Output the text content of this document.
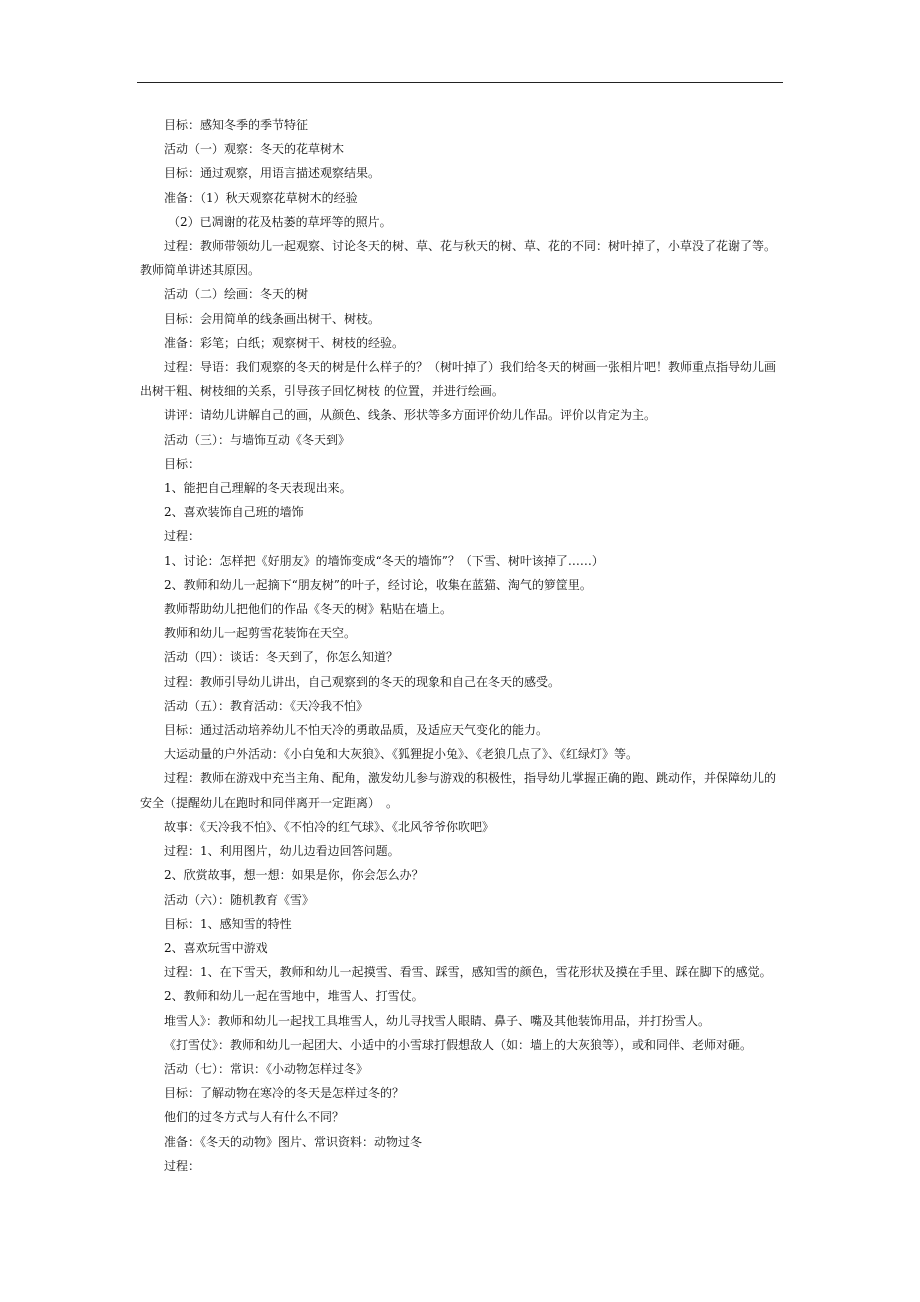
目标：感知冬季的季节特征

活动（一）观察：冬天的花草树木

目标：通过观察，用语言描述观察结果。

准备：（1）秋天观察花草树木的经验

（2）已凋谢的花及枯萎的草坪等的照片。

过程：教师带领幼儿一起观察、讨论冬天的树、草、花与秋天的树、草、花的不同：树叶掉了，小草没了花谢了等。教师简单讲述其原因。

活动（二）绘画：冬天的树

目标：会用简单的线条画出树干、树枝。

准备：彩笔；白纸；观察树干、树枝的经验。

过程：导语：我们观察的冬天的树是什么样子的？（树叶掉了）我们给冬天的树画一张相片吧！教师重点指导幼儿画出树干粗、树枝细的关系，引导孩子回忆树枝 的位置，并进行绘画。

讲评：请幼儿讲解自己的画，从颜色、线条、形状等多方面评价幼儿作品。评价以肯定为主。

活动（三）：与墙饰互动《冬天到》

目标：

1、能把自己理解的冬天表现出来。

2、喜欢装饰自己班的墙饰

过程：

1、讨论：怎样把《好朋友》的墙饰变成“冬天的墙饰”？（下雪、树叶该掉了……）

2、教师和幼儿一起摘下“朋友树”的叶子，经讨论，收集在蓝猫、淘气的箩筐里。

教师帮助幼儿把他们的作品《冬天的树》粘贴在墙上。

教师和幼儿一起剪雪花装饰在天空。

活动（四）：谈话：冬天到了，你怎么知道？

过程：教师引导幼儿讲出，自己观察到的冬天的现象和自己在冬天的感受。

活动（五）：教育活动：《天冷我不怕》

目标：通过活动培养幼儿不怕天冷的勇敢品质，及适应天气变化的能力。

大运动量的户外活动：《小白兔和大灰狼》、《狐狸捉小兔》、《老狼几点了》、《红绿灯》等。

过程：教师在游戏中充当主角、配角，激发幼儿参与游戏的积极性，指导幼儿掌握正确的跑、跳动作，并保障幼儿的安全（提醒幼儿在跑时和同伴离开一定距离）　。

故事：《天冷我不怕》、《不怕冷的红气球》、《北风爷爷你吹吧》

过程：1、利用图片，幼儿边看边回答问题。

2、欣赏故事，想一想：如果是你，你会怎么办？

活动（六）：随机教育《雪》

目标：1、感知雪的特性

2、喜欢玩雪中游戏

过程：1、在下雪天，教师和幼儿一起摸雪、看雪、踩雪，感知雪的颜色，雪花形状及摸在手里、踩在脚下的感觉。

2、教师和幼儿一起在雪地中，堆雪人、打雪仗。

堆雪人》：教师和幼儿一起找工具堆雪人，幼儿寻找雪人眼睛、鼻子、嘴及其他装饰用品，并打扮雪人。

《打雪仗》：教师和幼儿一起团大、小适中的小雪球打假想敌人（如：墙上的大灰狼等），或和同伴、老师对砸。

活动（七）：常识：《小动物怎样过冬》

目标：了解动物在寒冷的冬天是怎样过冬的？

他们的过冬方式与人有什么不同？

准备：《冬天的动物》图片、常识资料：动物过冬

过程：
